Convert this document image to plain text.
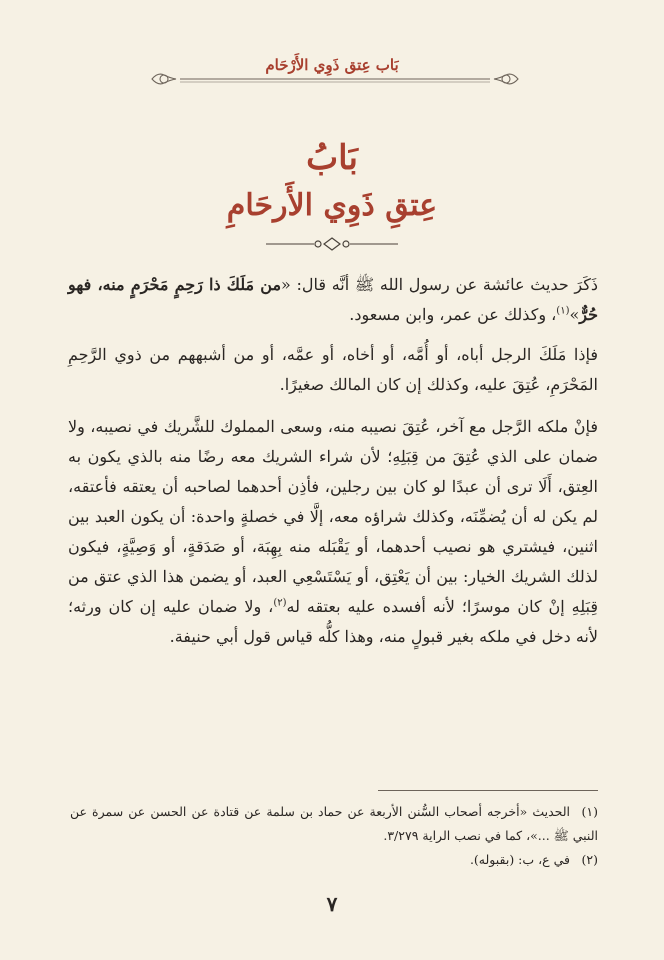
بَاب عِتق ذَوِي الأَرْحَام
بَابُ
عِتقِ ذَوِي الأَرحَامِ

ذَكَرَ حديث عائشة عن رسول الله ﷺ أنَّه قال: «من مَلَكَ ذا رَحِمٍ مَحْرَمٍ منه، فهو حُرٌّ»$^{(١)}$، وكذلك عن عمر، وابن مسعود.

فإذا مَلَكَ الرجل أباه، أو أُمَّه، أو أخاه، أو عمَّه، أو من أشبههم من ذوي الرَّحِمِ المَحْرَمِ، عُتِقَ عليه، وكذلك إن كان المالك صغيرًا.

فإنْ ملكه الرَّجل مع آخر، عُتِقَ نصيبه منه، وسعى المملوك للشَّريك في نصيبه، ولا ضمان على الذي عُتِقَ من قِبَلِهِ؛ لأن شراء الشريك معه رضًا منه بالذي يكون به العِتق، أَلَا ترى أن عبدًا لو كان بين رجلين، فأذِن أحدهما لصاحبه أن يعتقه فأعتقه، لم يكن له أن يُضمِّنَه، وكذلك شراؤه معه، إلَّا في خصلةٍ واحدة: أن يكون العبد بين اثنين، فيشتري هو نصيب أحدهما، أو يَقْبَله منه بِهِبَة، أو صَدَقةٍ، أو وَصِيَّةٍ، فيكون لذلك الشريك الخيار: بين أن يَعْتِق، أو يَسْتَسْعِي العبد، أو يضمن هذا الذي عتق من قِبَلِهِ إنْ كان موسرًا؛ لأنه أفسده عليه بعتقه له$^{(٢)}$، ولا ضمان عليه إن كان ورثه؛ لأنه دخل في ملكه بغير قبولٍ منه، وهذا كلُّه قياس قول أبي حنيفة.

(١)الحديث «أخرجه أصحاب السُّنن الأربعة عن حماد بن سلمة عن قتادة عن الحسن عن سمرة عن النبي ﷺ ...»، كما في نصب الراية ٣/٢٧٩.

(٢)في ع، ب: (بقبوله).

٧
